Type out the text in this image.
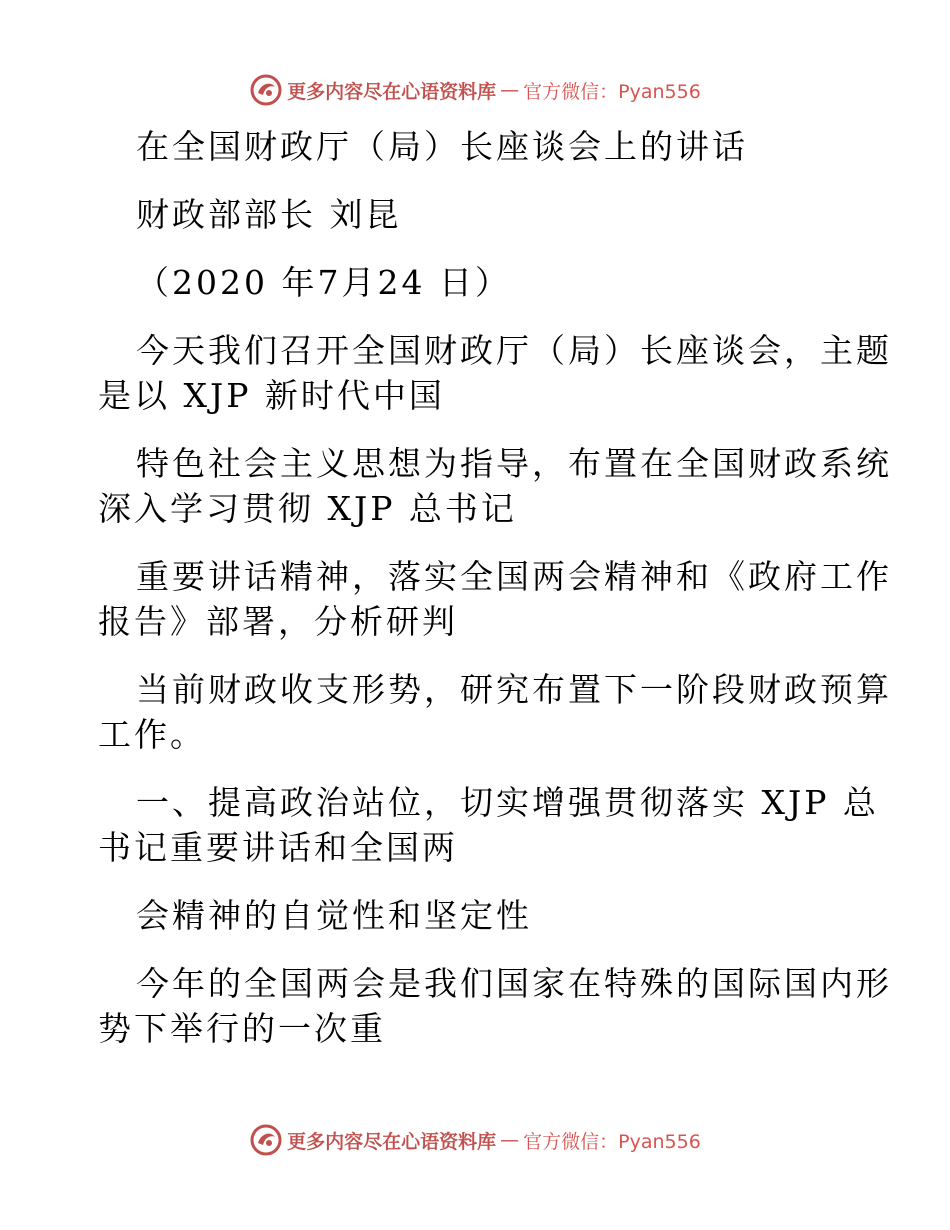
更多内容尽在心语资料库 — 官方微信：Pyan556
在全国财政厅（局）长座谈会上的讲话
财政部部长 刘昆
（2020 年7月24 日）
今天我们召开全国财政厅（局）长座谈会，主题
是以 XJP 新时代中国
特色社会主义思想为指导，布置在全国财政系统
深入学习贯彻 XJP 总书记
重要讲话精神，落实全国两会精神和《政府工作
报告》部署，分析研判
当前财政收支形势，研究布置下一阶段财政预算
工作。
一、提高政治站位，切实增强贯彻落实 XJP 总
书记重要讲话和全国两
会精神的自觉性和坚定性
今年的全国两会是我们国家在特殊的国际国内形
势下举行的一次重
更多内容尽在心语资料库 — 官方微信：Pyan556
